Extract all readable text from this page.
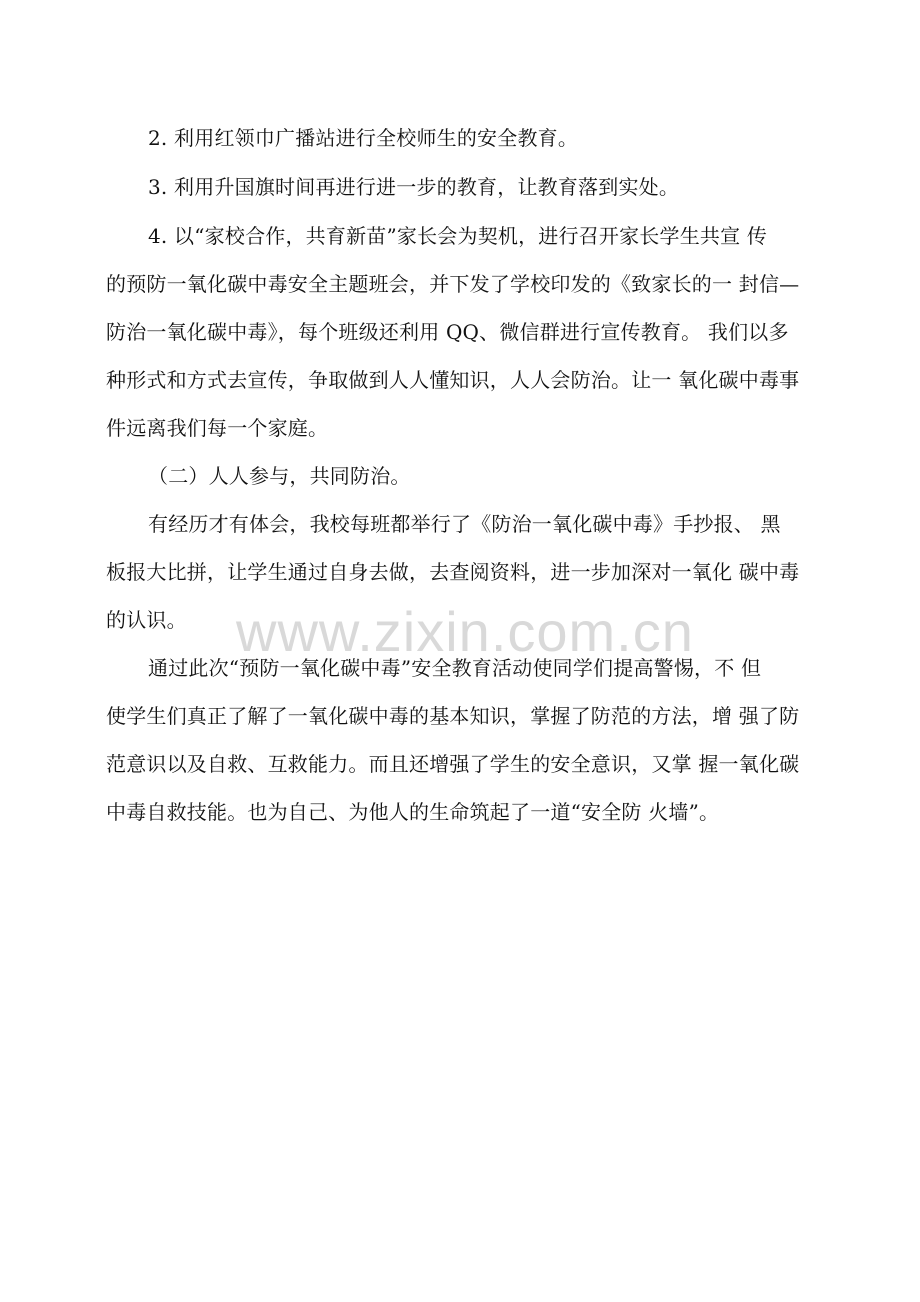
2. 利用红领巾广播站进行全校师生的安全教育。
3. 利用升国旗时间再进行进一步的教育，让教育落到实处。
4. 以“家校合作，共育新苗”家长会为契机，进行召开家长学生共宣 传
的预防一氧化碳中毒安全主题班会，并下发了学校印发的《致家长的一 封信—
防治一氧化碳中毒》，每个班级还利用 QQ、微信群进行宣传教育。 我们以多
种形式和方式去宣传，争取做到人人懂知识，人人会防治。让一 氧化碳中毒事
件远离我们每一个家庭。
（二）人人参与，共同防治。
有经历才有体会，我校每班都举行了《防治一氧化碳中毒》手抄报、 黑
板报大比拼，让学生通过自身去做，去查阅资料，进一步加深对一氧化 碳中毒
的认识。
通过此次“预防一氧化碳中毒”安全教育活动使同学们提高警惕，不 但
使学生们真正了解了一氧化碳中毒的基本知识，掌握了防范的方法，增 强了防
范意识以及自救、互救能力。而且还增强了学生的安全意识，又掌 握一氧化碳
中毒自救技能。也为自己、为他人的生命筑起了一道“安全防 火墙”。
www.zixin.com.cn
